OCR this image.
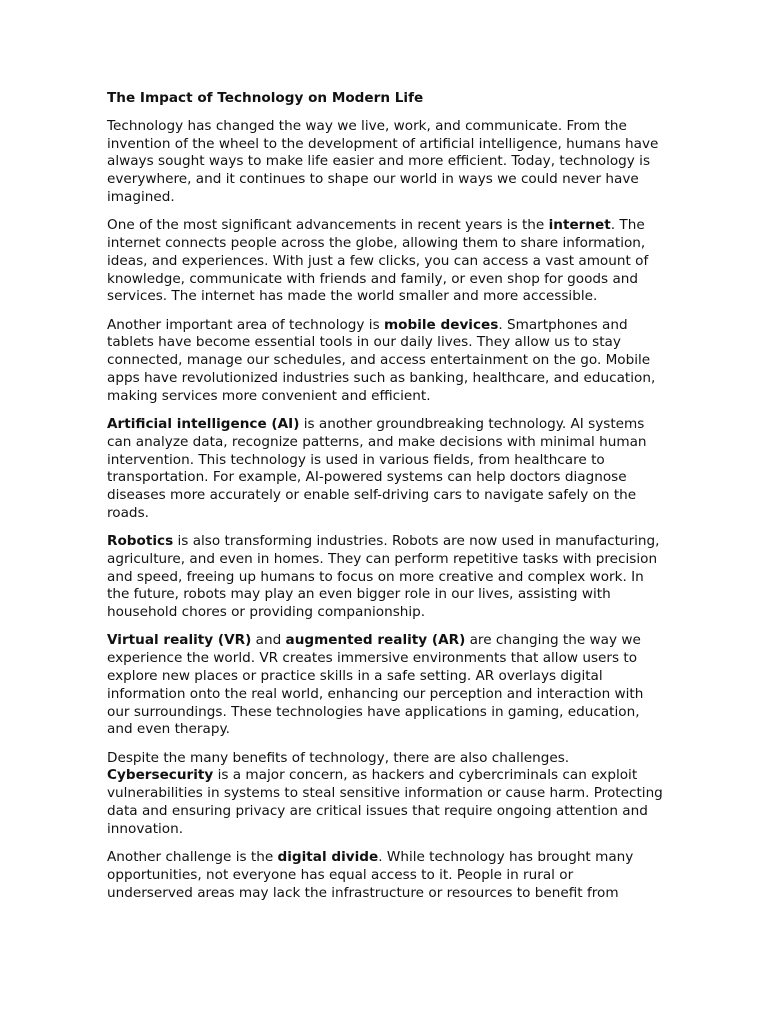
The Impact of Technology on Modern Life

Technology has changed the way we live, work, and communicate. From the invention of the wheel to the development of artificial intelligence, humans have always sought ways to make life easier and more efficient. Today, technology is everywhere, and it continues to shape our world in ways we could never have imagined.

One of the most significant advancements in recent years is the internet. The internet connects people across the globe, allowing them to share information, ideas, and experiences. With just a few clicks, you can access a vast amount of knowledge, communicate with friends and family, or even shop for goods and services. The internet has made the world smaller and more accessible.

Another important area of technology is mobile devices. Smartphones and tablets have become essential tools in our daily lives. They allow us to stay connected, manage our schedules, and access entertainment on the go. Mobile apps have revolutionized industries such as banking, healthcare, and education, making services more convenient and efficient.

Artificial intelligence (AI) is another groundbreaking technology. AI systems can analyze data, recognize patterns, and make decisions with minimal human intervention. This technology is used in various fields, from healthcare to transportation. For example, AI-powered systems can help doctors diagnose diseases more accurately or enable self-driving cars to navigate safely on the roads.

Robotics is also transforming industries. Robots are now used in manufacturing, agriculture, and even in homes. They can perform repetitive tasks with precision and speed, freeing up humans to focus on more creative and complex work. In the future, robots may play an even bigger role in our lives, assisting with household chores or providing companionship.

Virtual reality (VR) and augmented reality (AR) are changing the way we experience the world. VR creates immersive environments that allow users to explore new places or practice skills in a safe setting. AR overlays digital information onto the real world, enhancing our perception and interaction with our surroundings. These technologies have applications in gaming, education, and even therapy.

Despite the many benefits of technology, there are also challenges. Cybersecurity is a major concern, as hackers and cybercriminals can exploit vulnerabilities in systems to steal sensitive information or cause harm. Protecting data and ensuring privacy are critical issues that require ongoing attention and innovation.

Another challenge is the digital divide. While technology has brought many opportunities, not everyone has equal access to it. People in rural or underserved areas may lack the infrastructure or resources to benefit from
